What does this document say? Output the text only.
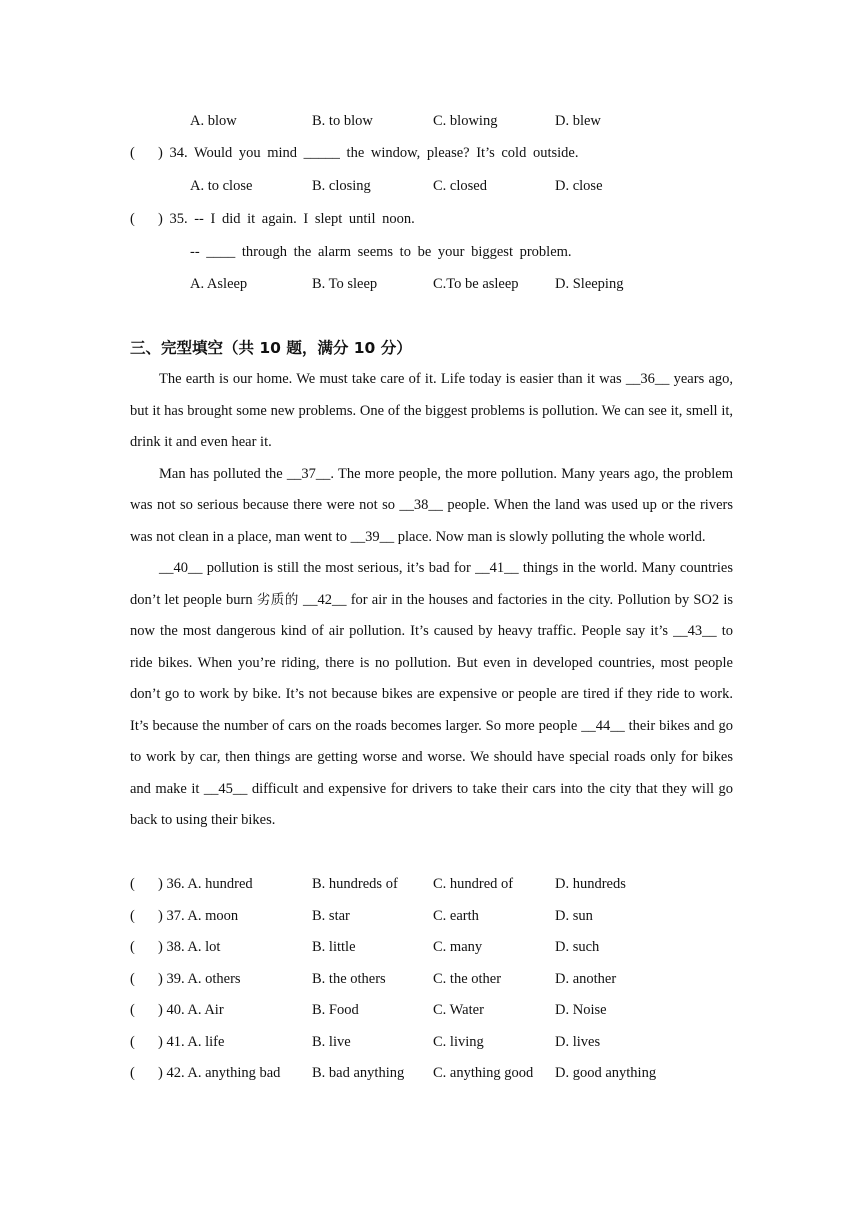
A. blow	B. to blow	C. blowing	D. blew
( ) 34. Would you mind _____ the window, please? It’s cold outside.
A. to close	B. closing	C. closed	D. close
( ) 35. -- I did it again. I slept until noon.
-- ____ through the alarm seems to be your biggest problem.
A. Asleep	B. To sleep	C.To be asleep	D. Sleeping
三、完型填空（共 10 题，满分 10 分）

The earth is our home. We must take care of it. Life today is easier than it was __36__ years ago, but it has brought some new problems. One of the biggest problems is pollution. We can see it, smell it, drink it and even hear it.

Man has polluted the __37__. The more people, the more pollution. Many years ago, the problem was not so serious because there were not so __38__ people. When the land was used up or the rivers was not clean in a place, man went to __39__ place. Now man is slowly polluting the whole world.

__40__ pollution is still the most serious, it’s bad for __41__ things in the world. Many countries don’t let people burn 劣质的 __42__ for air in the houses and factories in the city. Pollution by SO2 is now the most dangerous kind of air pollution. It’s caused by heavy traffic. People say it’s __43__ to ride bikes. When you’re riding, there is no pollution. But even in developed countries, most people don’t go to work by bike. It’s not because bikes are expensive or people are tired if they ride to work. It’s because the number of cars on the roads becomes larger. So more people __44__ their bikes and go to work by car, then things are getting worse and worse. We should have special roads only for bikes and make it __45__ difficult and expensive for drivers to take their cars into the city that they will go back to using their bikes.

( ) 36. A. hundred	B. hundreds of C. hundred of	D. hundreds
( ) 37. A. moon	B. star	C. earth	D. sun
( ) 38. A. lot	B. little	C. many	D. such
( ) 39. A. others	B. the others	C. the other	D. another
( ) 40. A. Air	B. Food	C. Water	D. Noise
( ) 41. A. life	B. live	C. living	D. lives
( ) 42. A. anything bad B. bad anything C. anything good D. good anything
